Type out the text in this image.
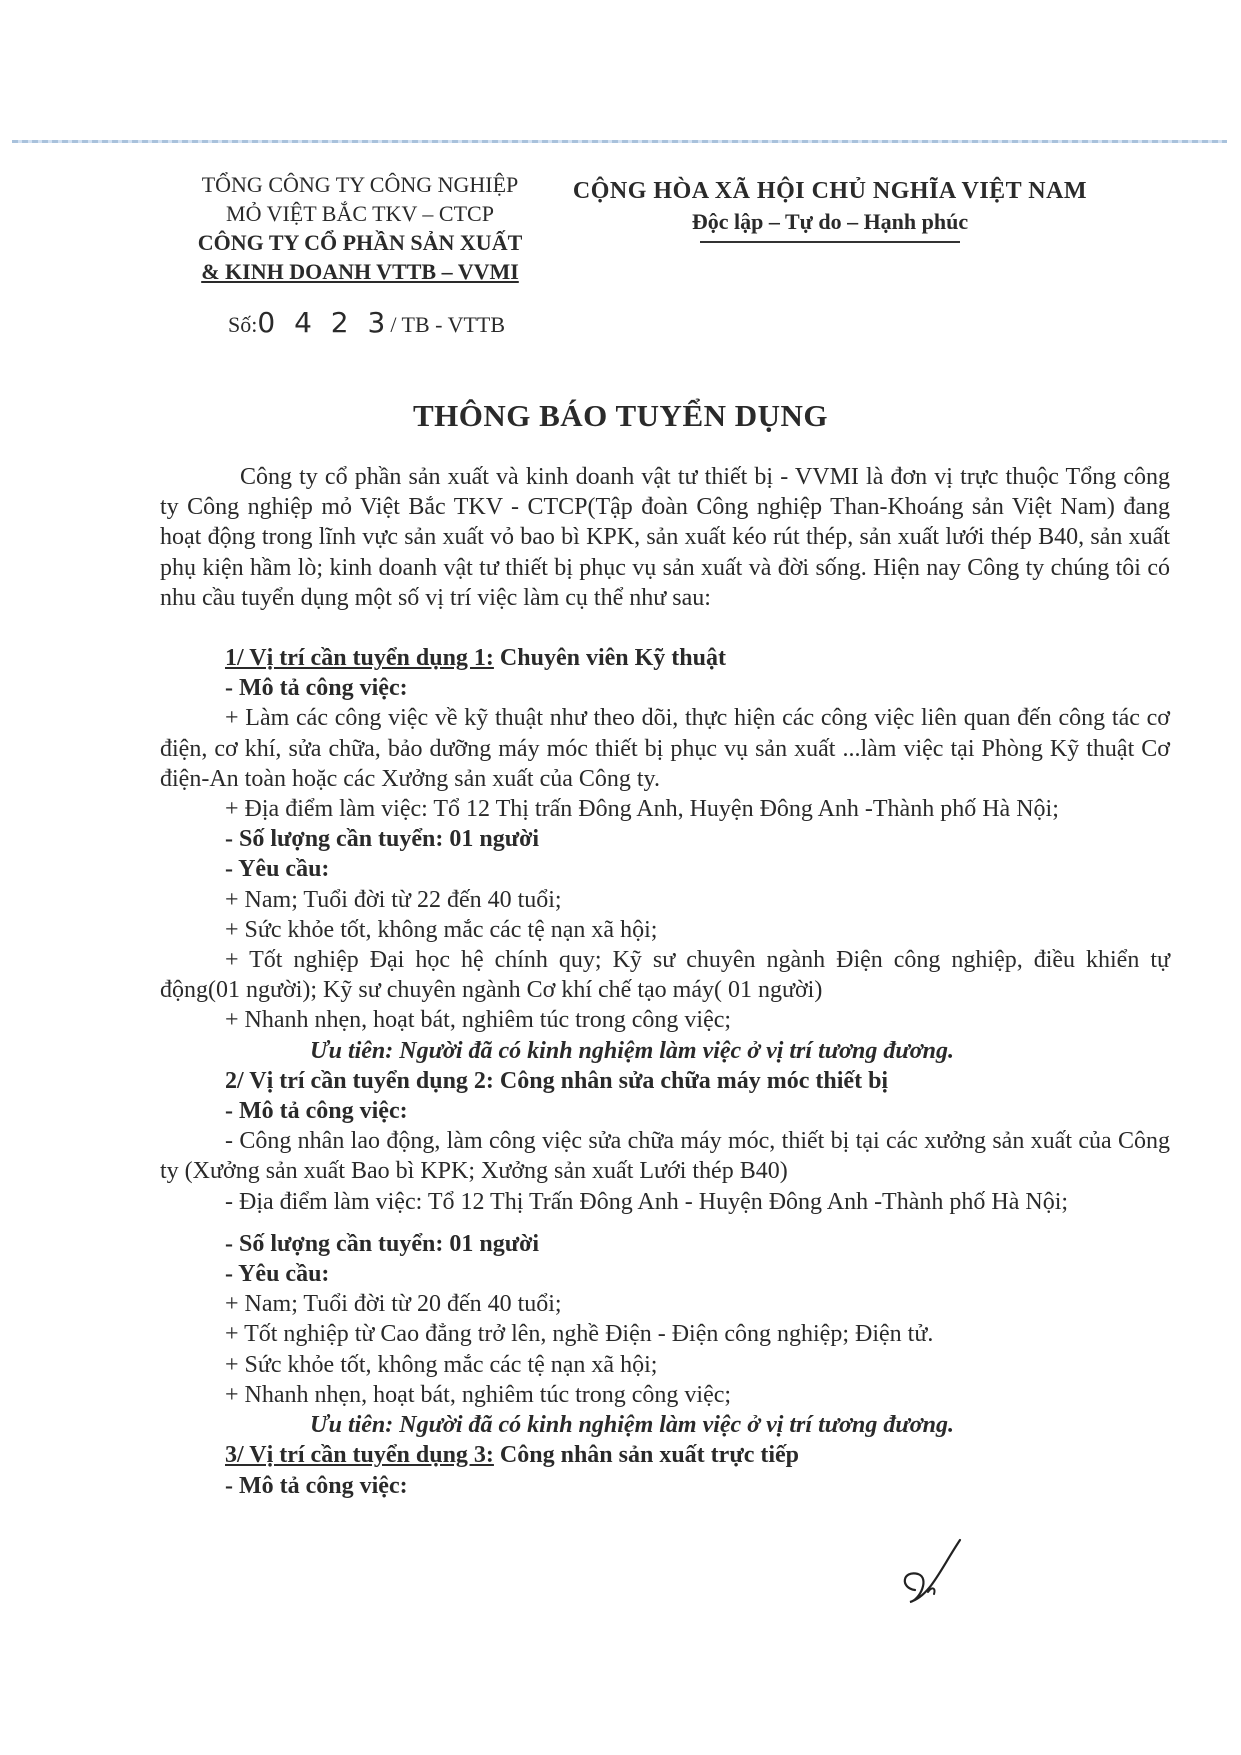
TỔNG CÔNG TY CÔNG NGHIỆP
MỎ VIỆT BẮC TKV – CTCP
CÔNG TY CỔ PHẦN SẢN XUẤT
& KINH DOANH VTTB – VVMI
Số:0 4 2 3/ TB - VTTB
CỘNG HÒA XÃ HỘI CHỦ NGHĨA VIỆT NAM
Độc lập – Tự do – Hạnh phúc
THÔNG BÁO TUYỂN DỤNG

Công ty cổ phần sản xuất và kinh doanh vật tư thiết bị - VVMI là đơn vị trực thuộc Tổng công ty Công nghiệp mỏ Việt Bắc TKV - CTCP(Tập đoàn Công nghiệp Than-Khoáng sản Việt Nam) đang hoạt động trong lĩnh vực sản xuất vỏ bao bì KPK, sản xuất kéo rút thép, sản xuất lưới thép B40, sản xuất phụ kiện hầm lò; kinh doanh vật tư thiết bị phục vụ sản xuất và đời sống. Hiện nay Công ty chúng tôi có nhu cầu tuyển dụng một số vị trí việc làm cụ thể như sau:

1/ Vị trí cần tuyển dụng 1: Chuyên viên Kỹ thuật

- Mô tả công việc:

+ Làm các công việc về kỹ thuật như theo dõi, thực hiện các công việc liên quan đến công tác cơ điện, cơ khí, sửa chữa, bảo dưỡng máy móc thiết bị phục vụ sản xuất ...làm việc tại Phòng Kỹ thuật Cơ điện-An toàn hoặc các Xưởng sản xuất của Công ty.

+ Địa điểm làm việc: Tổ 12 Thị trấn Đông Anh, Huyện Đông Anh -Thành phố Hà Nội;

- Số lượng cần tuyển: 01 người

- Yêu cầu:

+ Nam; Tuổi đời từ 22 đến 40 tuổi;

+ Sức khỏe tốt, không mắc các tệ nạn xã hội;

+ Tốt nghiệp Đại học hệ chính quy; Kỹ sư chuyên ngành Điện công nghiệp, điều khiển tự động(01 người); Kỹ sư chuyên ngành Cơ khí chế tạo máy( 01 người)

+ Nhanh nhẹn, hoạt bát, nghiêm túc trong công việc;

Ưu tiên: Người đã có kinh nghiệm làm việc ở vị trí tương đương.

2/ Vị trí cần tuyển dụng 2: Công nhân sửa chữa máy móc thiết bị

- Mô tả công việc:

- Công nhân lao động, làm công việc sửa chữa máy móc, thiết bị tại các xưởng sản xuất của Công ty (Xưởng sản xuất Bao bì KPK; Xưởng sản xuất Lưới thép B40)

- Địa điểm làm việc: Tổ 12 Thị Trấn Đông Anh - Huyện Đông Anh -Thành phố Hà Nội;

- Số lượng cần tuyển: 01 người

- Yêu cầu:

+ Nam; Tuổi đời từ 20 đến 40 tuổi;

+ Tốt nghiệp từ Cao đẳng trở lên, nghề Điện - Điện công nghiệp; Điện tử.

+ Sức khỏe tốt, không mắc các tệ nạn xã hội;

+ Nhanh nhẹn, hoạt bát, nghiêm túc trong công việc;

Ưu tiên: Người đã có kinh nghiệm làm việc ở vị trí tương đương.

3/ Vị trí cần tuyển dụng 3: Công nhân sản xuất trực tiếp

- Mô tả công việc:
